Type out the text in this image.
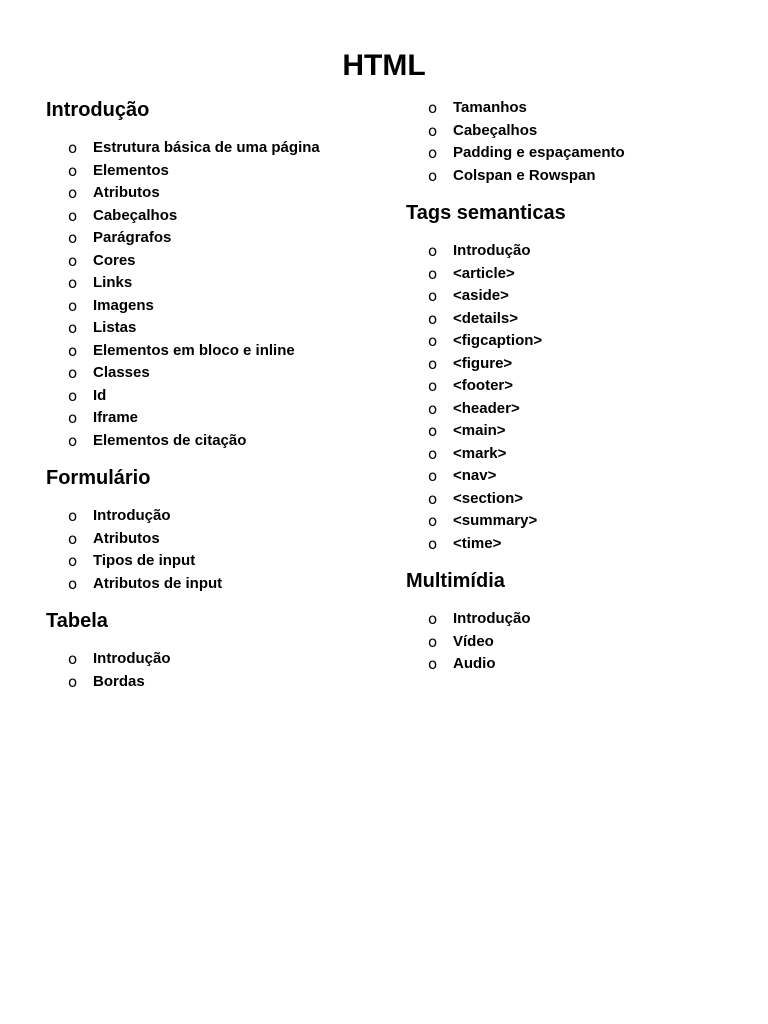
HTML
Introdução
o Estrutura básica de uma página
o Elementos
o Atributos
o Cabeçalhos
o Parágrafos
o Cores
o Links
o Imagens
o Listas
o Elementos em bloco e inline
o Classes
o Id
o Iframe
o Elementos de citação
Formulário
o Introdução
o Atributos
o Tipos de input
o Atributos de input
Tabela
o Introdução
o Bordas
o Tamanhos
o Cabeçalhos
o Padding e espaçamento
o Colspan e Rowspan
Tags semanticas
o Introdução
o <article>
o <aside>
o <details>
o <figcaption>
o <figure>
o <footer>
o <header>
o <main>
o <mark>
o <nav>
o <section>
o <summary>
o <time>
Multimídia
o Introdução
o Vídeo
o Audio
